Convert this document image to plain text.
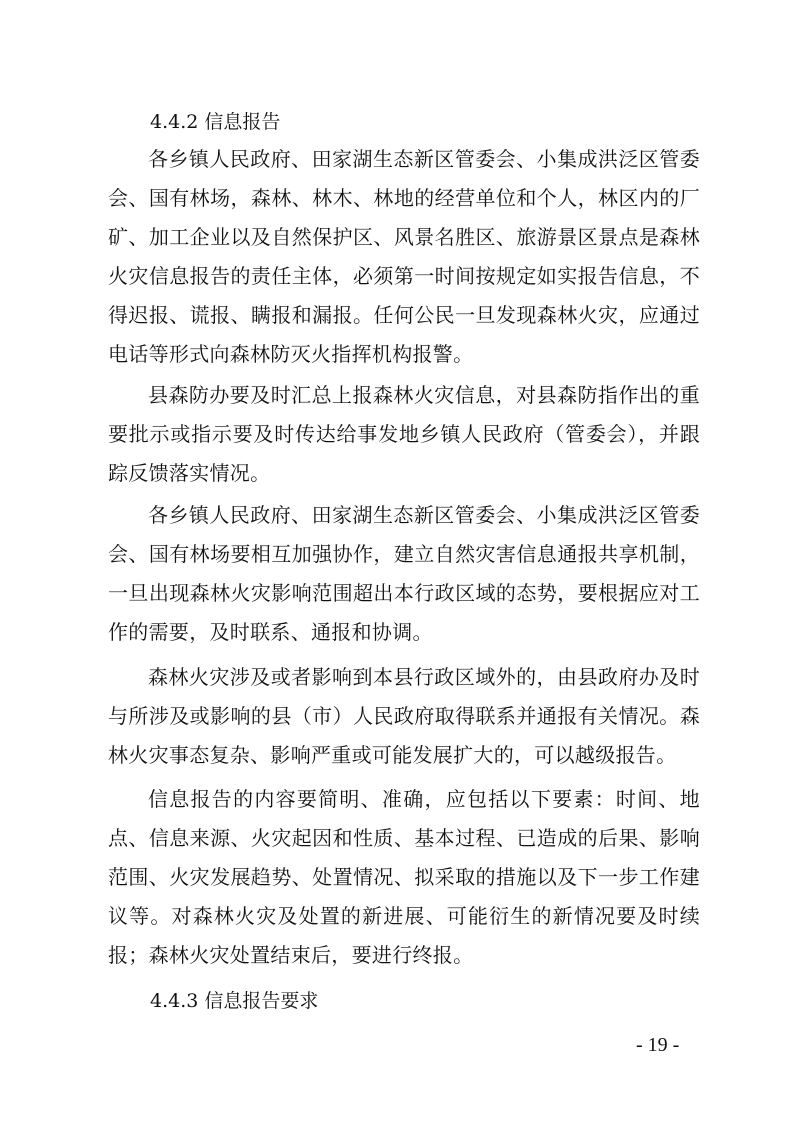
4.4.2 信息报告
各乡镇人民政府、田家湖生态新区管委会、小集成洪泛区管委会、国有林场，森林、林木、林地的经营单位和个人，林区内的厂矿、加工企业以及自然保护区、风景名胜区、旅游景区景点是森林火灾信息报告的责任主体，必须第一时间按规定如实报告信息，不得迟报、谎报、瞒报和漏报。任何公民一旦发现森林火灾，应通过电话等形式向森林防灭火指挥机构报警。
县森防办要及时汇总上报森林火灾信息，对县森防指作出的重要批示或指示要及时传达给事发地乡镇人民政府（管委会），并跟踪反馈落实情况。
各乡镇人民政府、田家湖生态新区管委会、小集成洪泛区管委会、国有林场要相互加强协作，建立自然灾害信息通报共享机制，一旦出现森林火灾影响范围超出本行政区域的态势，要根据应对工作的需要，及时联系、通报和协调。
森林火灾涉及或者影响到本县行政区域外的，由县政府办及时与所涉及或影响的县（市）人民政府取得联系并通报有关情况。森林火灾事态复杂、影响严重或可能发展扩大的，可以越级报告。
信息报告的内容要简明、准确，应包括以下要素：时间、地点、信息来源、火灾起因和性质、基本过程、已造成的后果、影响范围、火灾发展趋势、处置情况、拟采取的措施以及下一步工作建议等。对森林火灾及处置的新进展、可能衍生的新情况要及时续报；森林火灾处置结束后，要进行终报。
4.4.3 信息报告要求
- 19 -
